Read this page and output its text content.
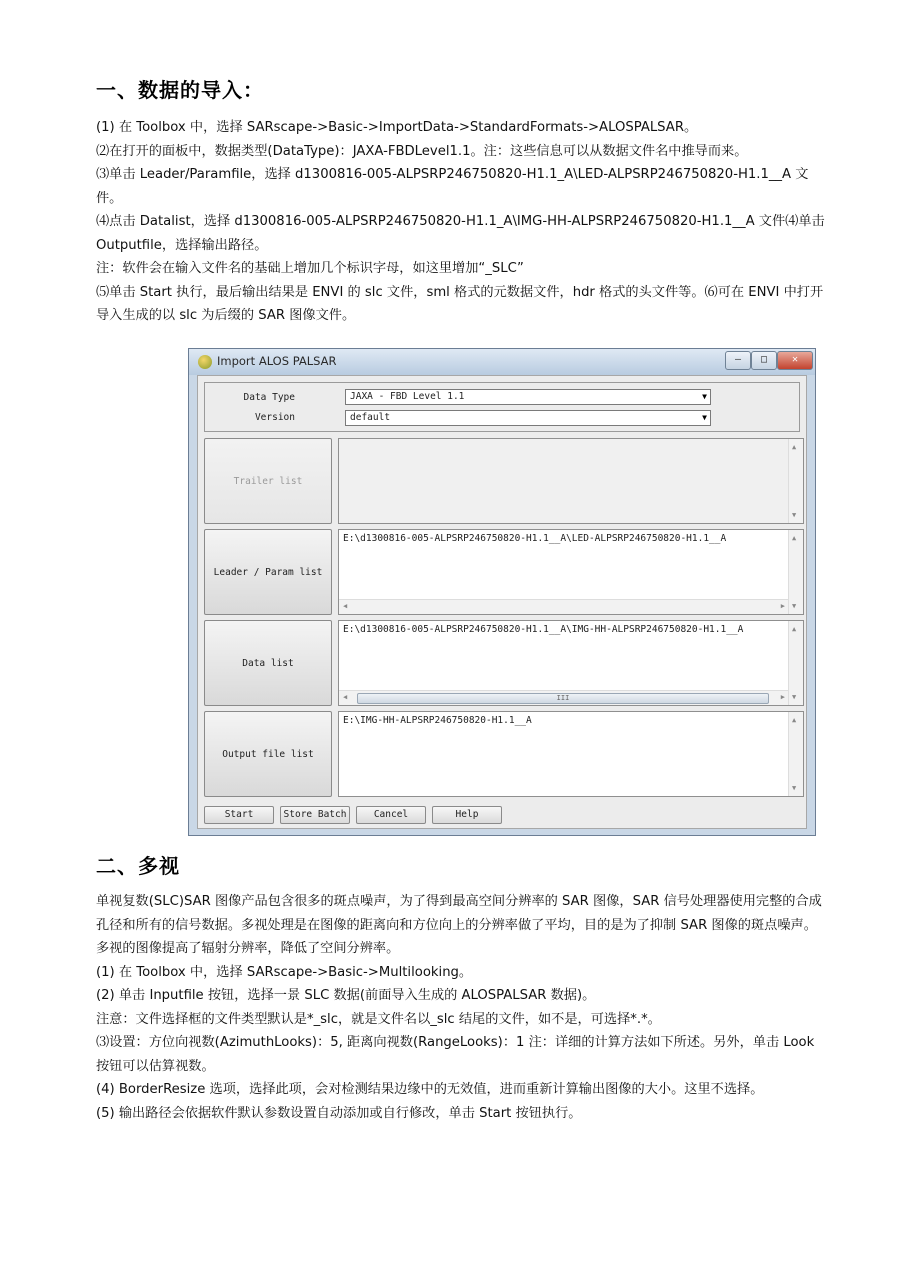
一、数据的导入：

(1) 在 Toolbox 中，选择 SARscape->Basic->ImportData->StandardFormats->ALOSPALSAR。

⑵在打开的面板中，数据类型(DataType)：JAXA-FBDLevel1.1。注：这些信息可以从数据文件名中推导而来。

⑶单击 Leader/Paramfile，选择 d1300816-005-ALPSRP246750820-H1.1_A\LED-ALPSRP246750820-H1.1__A 文件。

⑷点击 Datalist，选择 d1300816-005-ALPSRP246750820-H1.1_A\IMG-HH-ALPSRP246750820-H1.1__A 文件⑷单击 Outputfile，选择输出路径。

注：软件会在输入文件名的基础上增加几个标识字母，如这里增加“_SLC”

⑸单击 Start 执行，最后输出结果是 ENVI 的 slc 文件，sml 格式的元数据文件，hdr 格式的头文件等。⑹可在 ENVI 中打开导入生成的以 slc 为后缀的 SAR 图像文件。

Import ALOS PALSAR	—	□	✕
Data Type	JAXA - FBD Level 1.1	▼
Version	default	▼
Trailer list
▲
▼
Leader / Param list
E:\d1300816-005-ALPSRP246750820-H1.1__A\LED-ALPSRP246750820-H1.1__A
◀	▶
▲
▼
Data list
E:\d1300816-005-ALPSRP246750820-H1.1__A\IMG-HH-ALPSRP246750820-H1.1__A
◀	III	▶
▲
▼
Output file list
E:\IMG-HH-ALPSRP246750820-H1.1__A	▲
▼
Start	Store Batch	Cancel	Help
二、多视

单视复数(SLC)SAR 图像产品包含很多的斑点噪声，为了得到最高空间分辨率的 SAR 图像，SAR 信号处理器使用完整的合成孔径和所有的信号数据。多视处理是在图像的距离向和方位向上的分辨率做了平均，目的是为了抑制 SAR 图像的斑点噪声。多视的图像提高了辐射分辨率，降低了空间分辨率。

(1) 在 Toolbox 中，选择 SARscape->Basic->Multilooking。

(2) 单击 Inputfile 按钮，选择一景 SLC 数据(前面导入生成的 ALOSPALSAR 数据)。

注意：文件选择框的文件类型默认是*_slc，就是文件名以_slc 结尾的文件，如不是，可选择*.*。

⑶设置：方位向视数(AzimuthLooks)：5, 距离向视数(RangeLooks)：1 注：详细的计算方法如下所述。另外，单击 Look 按钮可以估算视数。

(4) BorderResize 选项，选择此项，会对检测结果边缘中的无效值，进而重新计算输出图像的大小。这里不选择。

(5) 输出路径会依据软件默认参数设置自动添加或自行修改，单击 Start 按钮执行。
